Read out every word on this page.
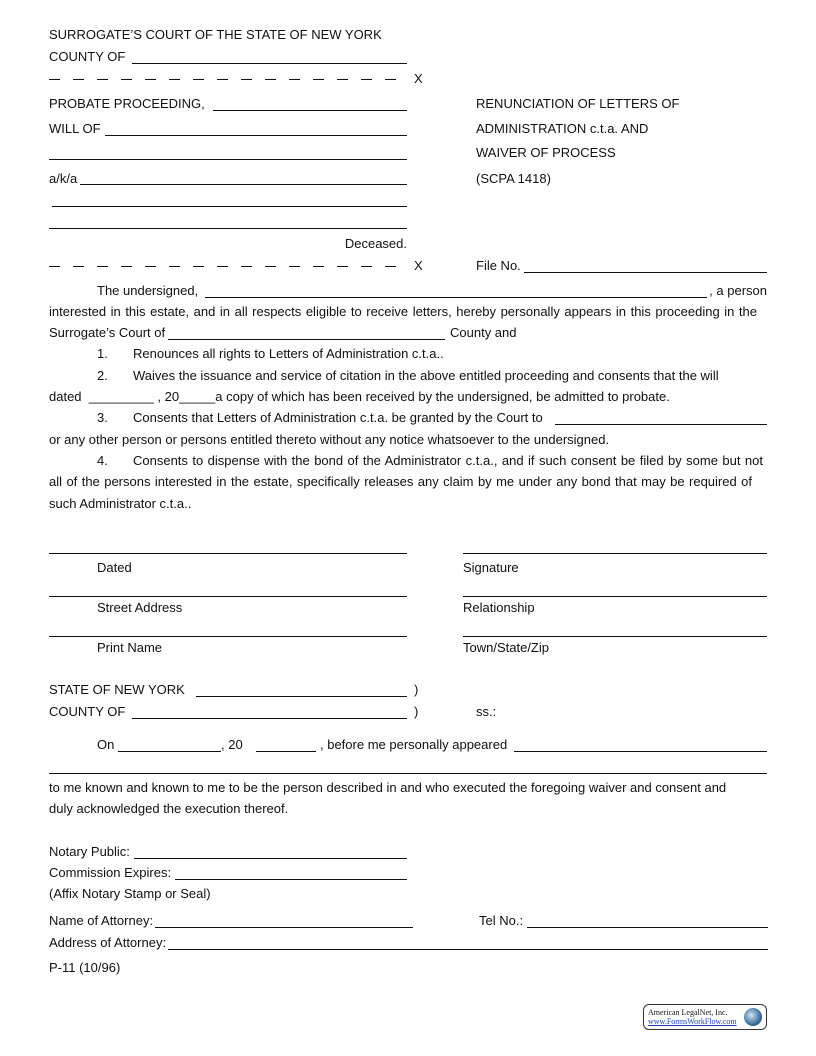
SURROGATE’S COURT OF THE STATE OF NEW YORK
COUNTY OF
X
PROBATE PROCEEDING,
WILL OF
a/k/a
Deceased.
X
RENUNCIATION OF LETTERS OF
ADMINISTRATION c.t.a. AND
WAIVER OF PROCESS
(SCPA 1418)
File No.
The undersigned,	, a person
interested in this estate, and in all respects eligible to receive letters, hereby personally appears in this proceeding in the
Surrogate’s Court of	County and
1. Renounces all rights to Letters of Administration c.t.a..
2. Waives the issuance and service of citation in the above entitled proceeding and consents that the will
dated  _________ , 20_____a copy of which has been received by the undersigned, be admitted to probate.
3. Consents that Letters of Administration c.t.a. be granted by the Court to
or any other person or persons entitled thereto without any notice whatsoever to the undersigned.
4. Consents to dispense with the bond of the Administrator c.t.a., and if such consent be filed by some but not
all of the persons interested in the estate, specifically releases any claim by me under any bond that may be required of
such Administrator c.t.a..
Dated	Signature
Street Address	Relationship
Print Name	Town/State/Zip
STATE OF NEW YORK	)
COUNTY OF	)	ss.:
On	, 20	, before me personally appeared
to me known and known to me to be the person described in and who executed the foregoing waiver and consent and
duly acknowledged the execution thereof.
Notary Public:
Commission Expires:
(Affix Notary Stamp or Seal)
Name of Attorney:	Tel No.:
Address of Attorney:
P-11 (10/96)
American LegalNet, Inc.
www.FormsWorkFlow.com
